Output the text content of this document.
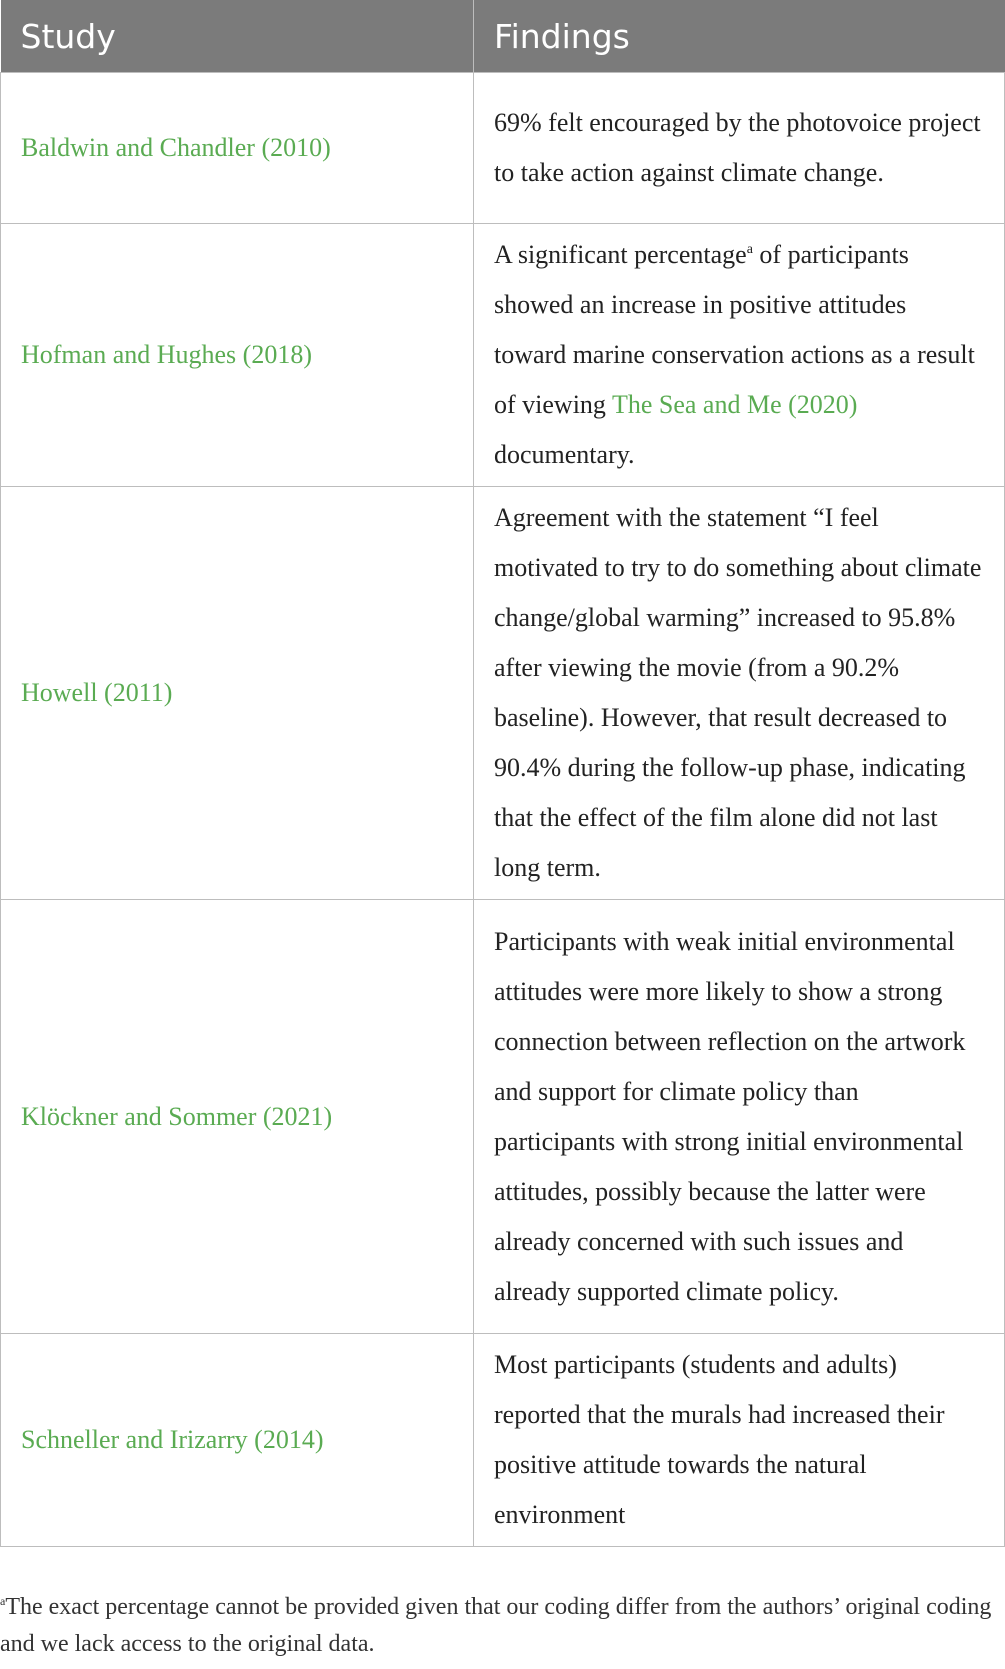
Study	Findings
Baldwin and Chandler (2010)	69% felt encouraged by the photovoice project to take action against climate change.
Hofman and Hughes (2018)	A significant percentage$^a$ of participants showed an increase in positive attitudes toward marine conservation actions as a result of viewing The Sea and Me (2020) documentary.
Howell (2011)	Agreement with the statement “I feel motivated to try to do something about climate change/global warming” increased to 95.8% after viewing the movie (from a 90.2% baseline). However, that result decreased to 90.4% during the follow-up phase, indicating that the effect of the film alone did not last long term.
Klöckner and Sommer (2021)	Participants with weak initial environmental attitudes were more likely to show a strong connection between reflection on the artwork and support for climate policy than participants with strong initial environmental attitudes, possibly because the latter were already concerned with such issues and already supported climate policy.
Schneller and Irizarry (2014)	Most participants (students and adults) reported that the murals had increased their positive attitude towards the natural environment
$^a$The exact percentage cannot be provided given that our coding differ from the authors’ original coding and we lack access to the original data.
